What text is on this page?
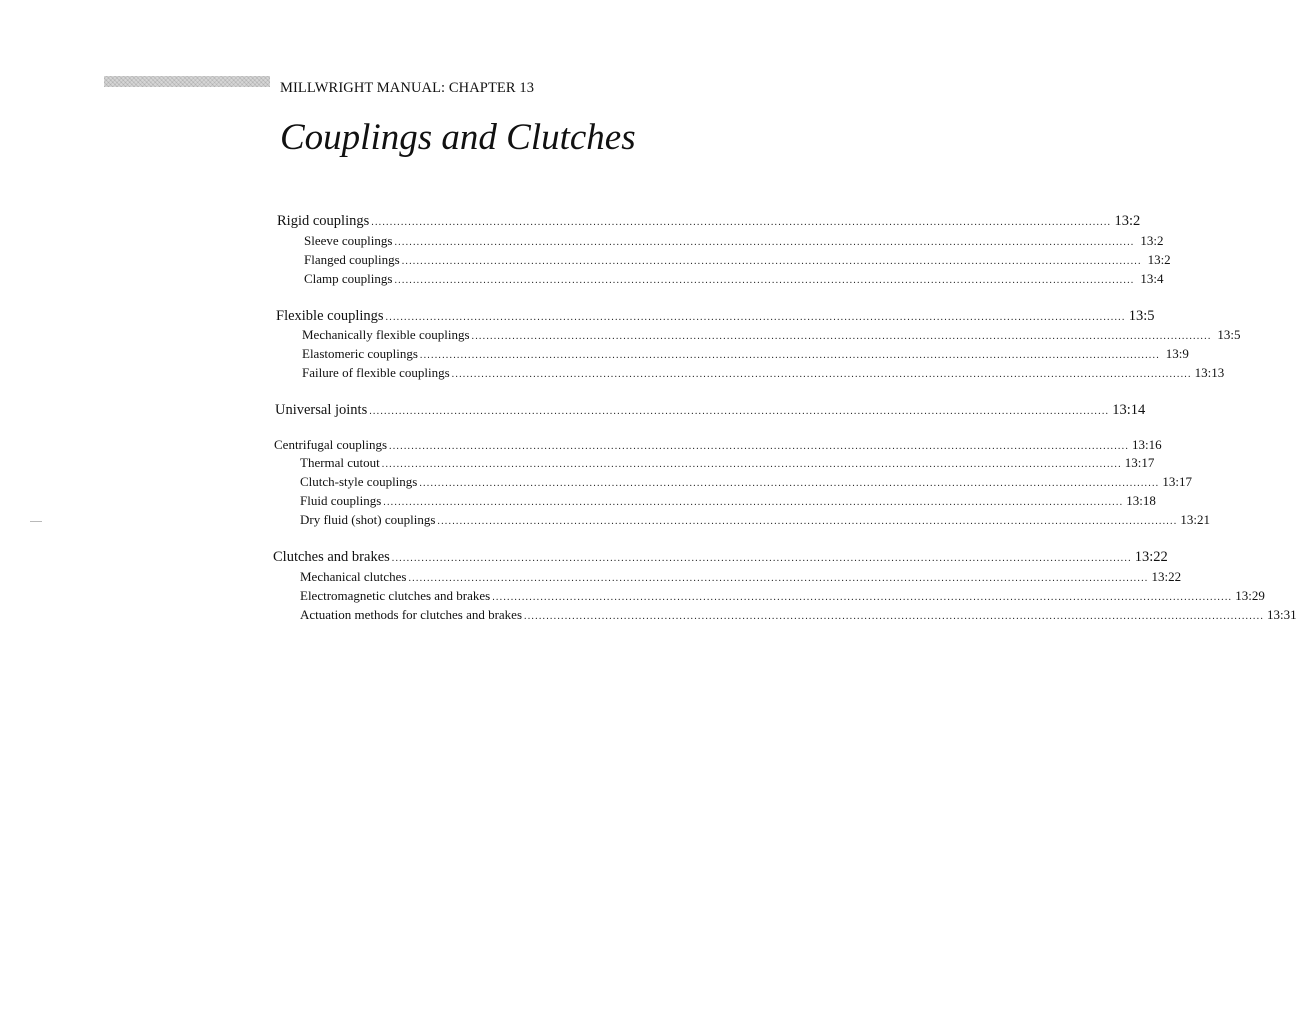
MILLWRIGHT MANUAL: CHAPTER 13
Couplings and Clutches
Rigid couplings ........................................................................................................................................................................................................ 13:2
Sleeve couplings ........................................................................................................................................................................................................ 13:2
Flanged couplings ........................................................................................................................................................................................................ 13:2
Clamp couplings ........................................................................................................................................................................................................ 13:4
Flexible couplings ........................................................................................................................................................................................................ 13:5
Mechanically flexible couplings ........................................................................................................................................................................................................ 13:5
Elastomeric couplings ........................................................................................................................................................................................................ 13:9
Failure of flexible couplings ........................................................................................................................................................................................................ 13:13
Universal joints ........................................................................................................................................................................................................ 13:14
Centrifugal couplings ........................................................................................................................................................................................................ 13:16
Thermal cutout ........................................................................................................................................................................................................ 13:17
Clutch-style couplings ........................................................................................................................................................................................................ 13:17
Fluid couplings ........................................................................................................................................................................................................ 13:18
Dry fluid (shot) couplings ........................................................................................................................................................................................................ 13:21
Clutches and brakes ........................................................................................................................................................................................................ 13:22
Mechanical clutches ........................................................................................................................................................................................................ 13:22
Electromagnetic clutches and brakes ........................................................................................................................................................................................................ 13:29
Actuation methods for clutches and brakes ........................................................................................................................................................................................................ 13:31
